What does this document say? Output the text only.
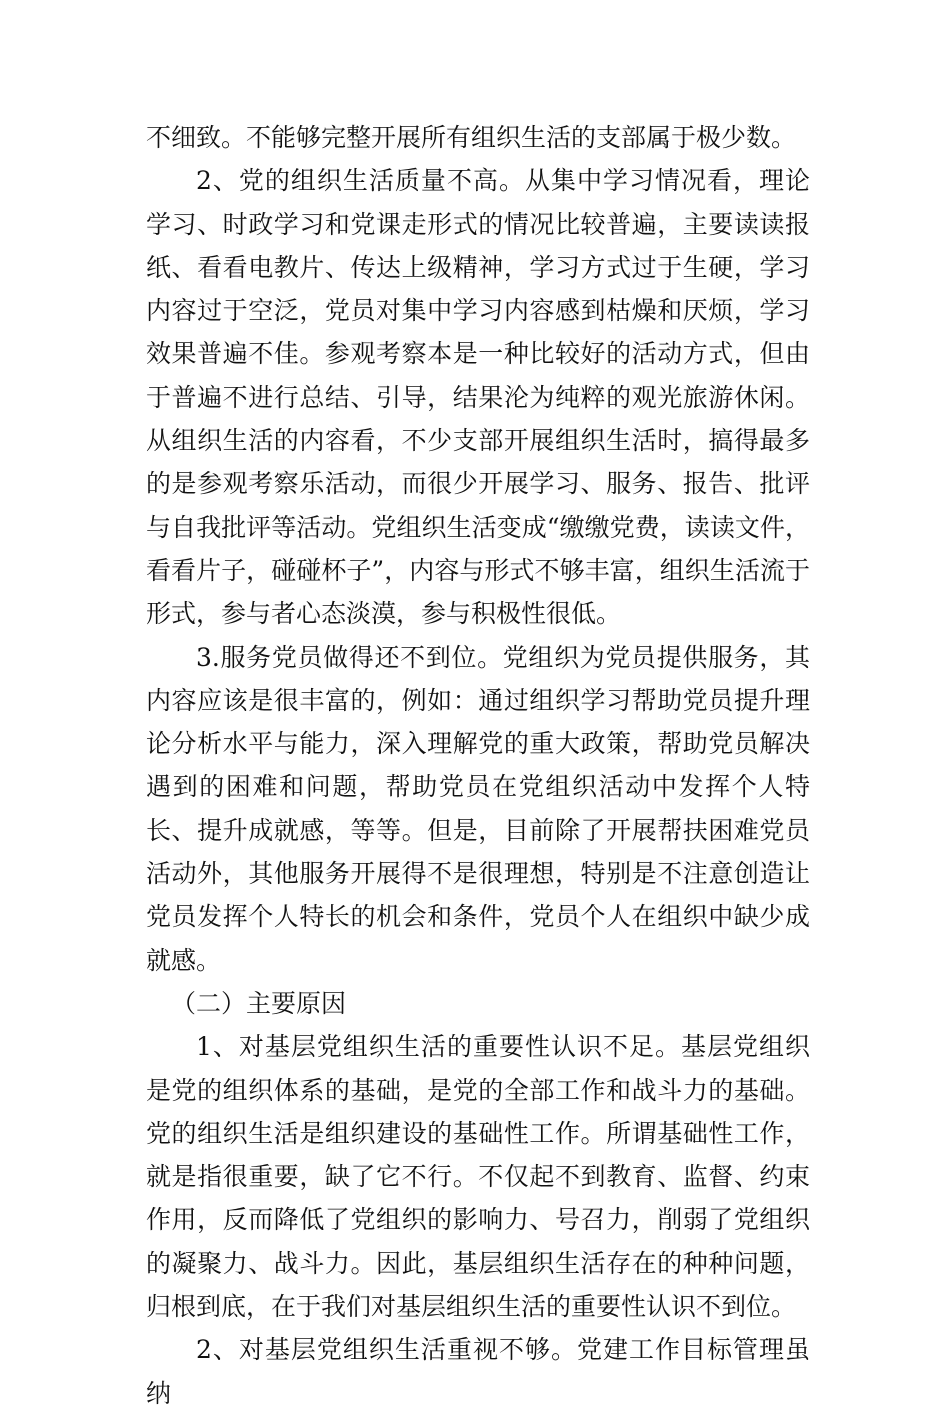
不细致。不能够完整开展所有组织生活的支部属于极少数。

2、党的组织生活质量不高。从集中学习情况看，理论学习、时政学习和党课走形式的情况比较普遍，主要读读报纸、看看电教片、传达上级精神，学习方式过于生硬，学习内容过于空泛，党员对集中学习内容感到枯燥和厌烦，学习效果普遍不佳。参观考察本是一种比较好的活动方式，但由于普遍不进行总结、引导，结果沦为纯粹的观光旅游休闲。从组织生活的内容看，不少支部开展组织生活时，搞得最多的是参观考察乐活动，而很少开展学习、服务、报告、批评与自我批评等活动。党组织生活变成“缴缴党费，读读文件，看看片子，碰碰杯子”，内容与形式不够丰富，组织生活流于形式，参与者心态淡漠，参与积极性很低。

3.服务党员做得还不到位。党组织为党员提供服务，其内容应该是很丰富的，例如：通过组织学习帮助党员提升理论分析水平与能力，深入理解党的重大政策，帮助党员解决遇到的困难和问题，帮助党员在党组织活动中发挥个人特长、提升成就感，等等。但是，目前除了开展帮扶困难党员活动外，其他服务开展得不是很理想，特别是不注意创造让党员发挥个人特长的机会和条件，党员个人在组织中缺少成就感。

（二）主要原因

1、对基层党组织生活的重要性认识不足。基层党组织是党的组织体系的基础，是党的全部工作和战斗力的基础。党的组织生活是组织建设的基础性工作。所谓基础性工作，就是指很重要，缺了它不行。不仅起不到教育、监督、约束作用，反而降低了党组织的影响力、号召力，削弱了党组织的凝聚力、战斗力。因此，基层组织生活存在的种种问题，归根到底，在于我们对基层组织生活的重要性认识不到位。

2、对基层党组织生活重视不够。党建工作目标管理虽纳
